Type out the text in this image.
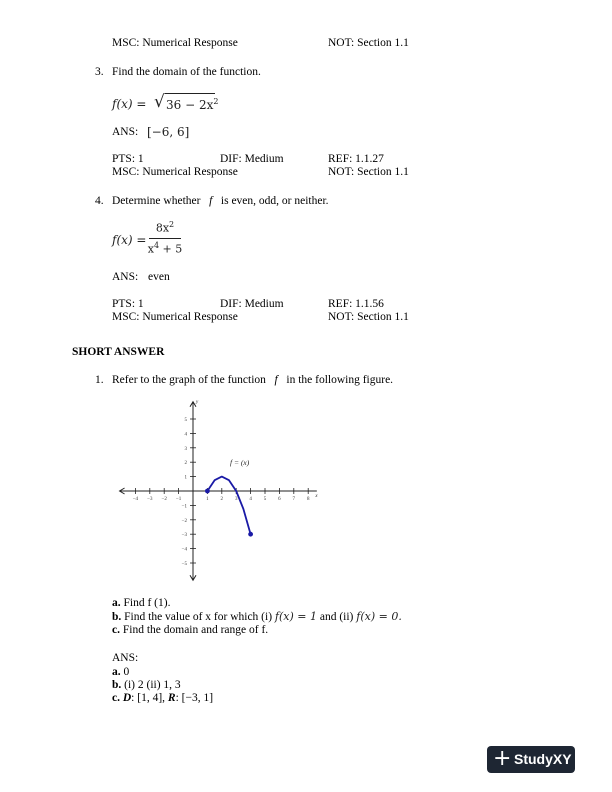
MSC: Numerical Response	NOT: Section 1.1
3. Find the domain of the function.
f(x) = √ $36 - 2x^2$
ANS: [−6, 6]
PTS: 1	DIF: Medium	REF: 1.1.27
MSC: Numerical Response	NOT: Section 1.1
4. Determine whether f is even, odd, or neither.
f(x) =
$8x^2$
$x^4 + 5$
ANS: even
PTS: 1	DIF: Medium	REF: 1.1.56
MSC: Numerical Response	NOT: Section 1.1
SHORT ANSWER
1. Refer to the graph of the function f in the following figure.
x
y
−4 −3 −2 −1	1 2 3 4 5 6 7 8
5
4
3
2
1
−1
−2
−3
−4
−5
f = (x)
a. Find f (1).
b. Find the value of x for which (i) f(x) = 1 and (ii) f(x) = 0.
c. Find the domain and range of f.
ANS:
a. 0
b. (i) 2 (ii) 1, 3
c. D: [1, 4], R: [−3, 1]
+ StudyXY
